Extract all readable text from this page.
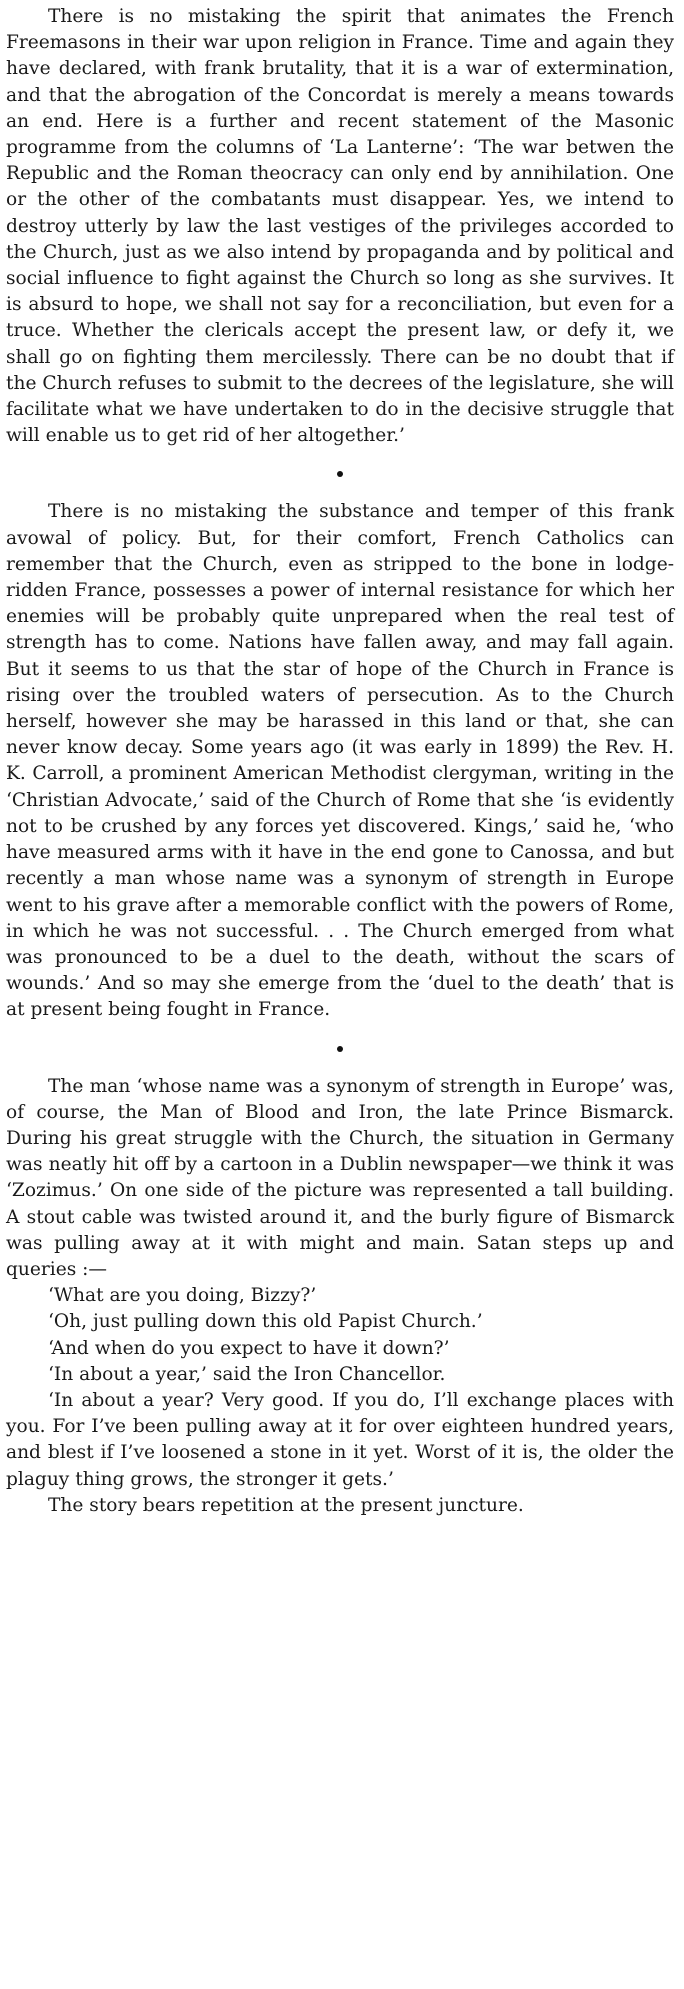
There is no mistaking the spirit that animates the French Freemasons in their war upon religion in France. Time and again they have declared, with frank brutality, that it is a war of extermination, and that the abrogation of the Concordat is merely a means towards an end. Here is a further and recent statement of the Masonic programme from the columns of ‘La Lanterne’: ‘The war betwen the Republic and the Roman theocracy can only end by annihilation. One or the other of the combatants must disappear. Yes, we intend to destroy utterly by law the last vestiges of the privileges accorded to the Church, just as we also intend by propaganda and by political and social influence to fight against the Church so long as she survives. It is absurd to hope, we shall not say for a reconciliation, but even for a truce. Whether the clericals accept the present law, or defy it, we shall go on fighting them mercilessly. There can be no doubt that if the Church refuses to submit to the decrees of the legislature, she will facilitate what we have undertaken to do in the decisive struggle that will enable us to get rid of her altogether.’

There is no mistaking the substance and temper of this frank avowal of policy. But, for their comfort, French Catholics can remember that the Church, even as stripped to the bone in lodge-ridden France, possesses a power of internal resistance for which her enemies will be probably quite unprepared when the real test of strength has to come. Nations have fallen away, and may fall again. But it seems to us that the star of hope of the Church in France is rising over the troubled waters of persecution. As to the Church herself, however she may be harassed in this land or that, she can never know decay. Some years ago (it was early in 1899) the Rev. H. K. Carroll, a prominent American Methodist clergyman, writing in the ‘Christian Advocate,’ said of the Church of Rome that she ‘is evidently not to be crushed by any forces yet discovered. Kings,’ said he, ‘who have measured arms with it have in the end gone to Canossa, and but recently a man whose name was a synonym of strength in Europe went to his grave after a memorable conflict with the powers of Rome, in which he was not successful. . . The Church emerged from what was pronounced to be a duel to the death, without the scars of wounds.’ And so may she emerge from the ‘duel to the death’ that is at present being fought in France.

The man ‘whose name was a synonym of strength in Europe’ was, of course, the Man of Blood and Iron, the late Prince Bismarck. During his great struggle with the Church, the situation in Germany was neatly hit off by a cartoon in a Dublin newspaper—we think it was ‘Zozimus.’ On one side of the picture was represented a tall building. A stout cable was twisted around it, and the burly figure of Bismarck was pulling away at it with might and main. Satan steps up and queries :—

‘What are you doing, Bizzy?’

‘Oh, just pulling down this old Papist Church.’

‘And when do you expect to have it down?’

‘In about a year,’ said the Iron Chancellor.

‘In about a year? Very good. If you do, I’ll exchange places with you. For I’ve been pulling away at it for over eighteen hundred years, and blest if I’ve loosened a stone in it yet. Worst of it is, the older the plaguy thing grows, the stronger it gets.’

The story bears repetition at the present juncture.
